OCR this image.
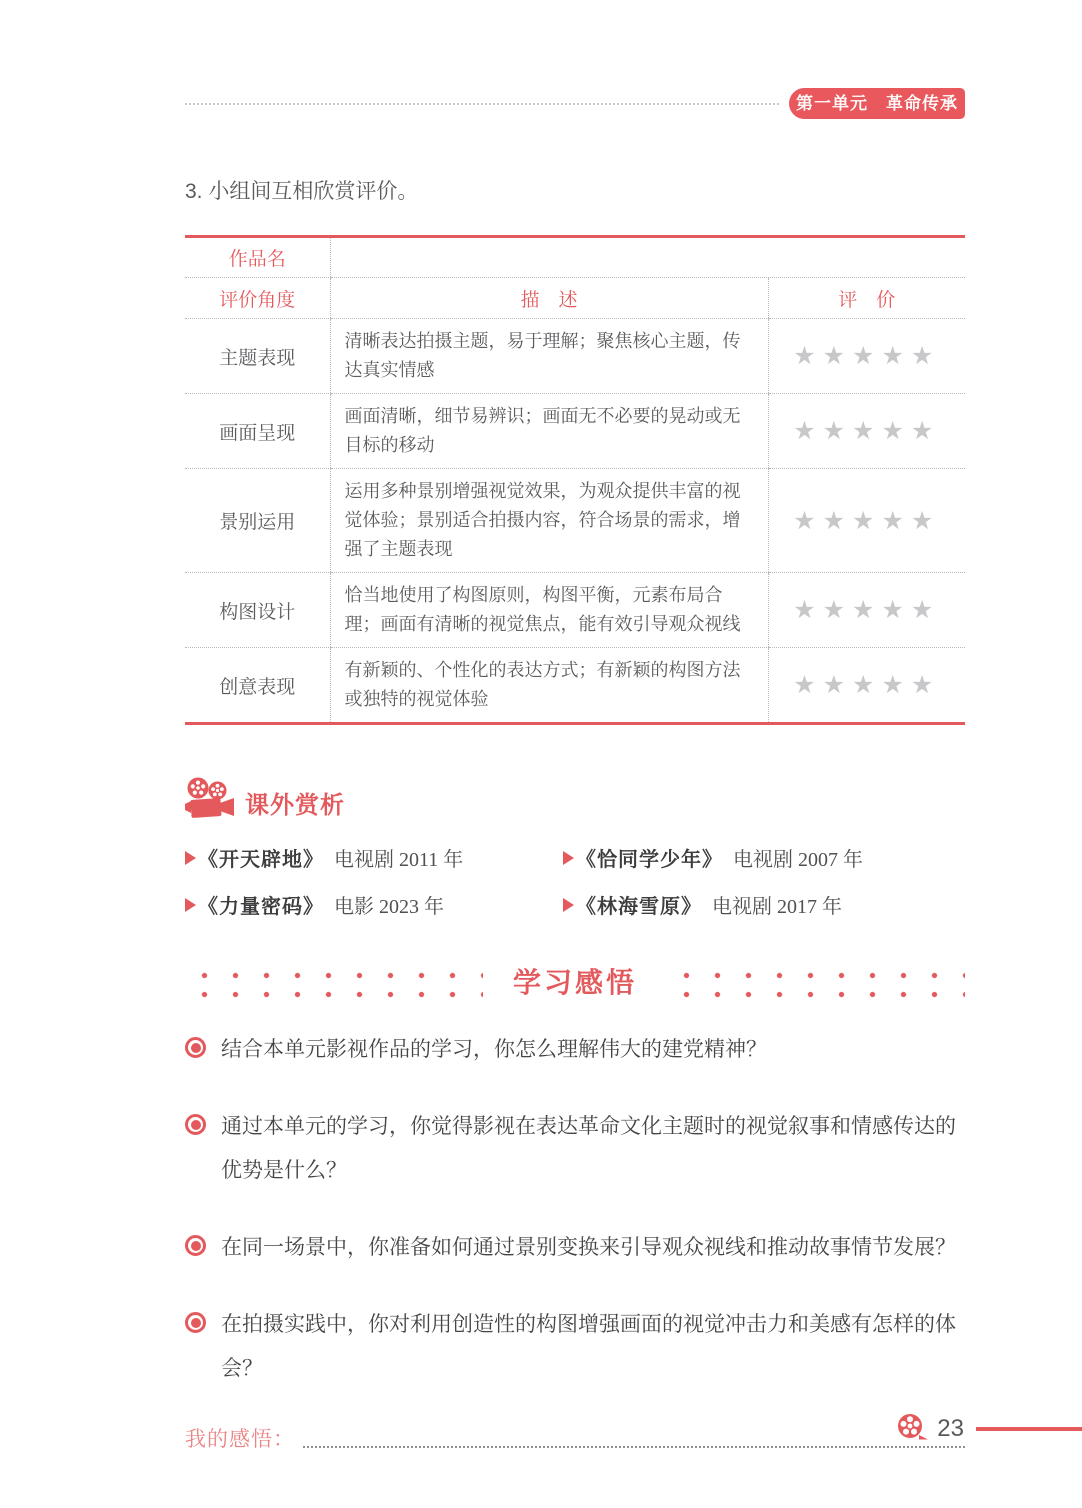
第一单元　革命传承
3. 小组间互相欣赏评价。
作品名		
评价角度	描　述	评　价
主题表现	清晰表达拍摄主题，易于理解；聚焦核心主题，传达真实情感	★★★★★
画面呈现	画面清晰，细节易辨识；画面无不必要的晃动或无目标的移动	★★★★★
景别运用	运用多种景别增强视觉效果，为观众提供丰富的视觉体验；景别适合拍摄内容，符合场景的需求，增强了主题表现	★★★★★
构图设计	恰当地使用了构图原则，构图平衡，元素布局合理；画面有清晰的视觉焦点，能有效引导观众视线	★★★★★
创意表现	有新颖的、个性化的表达方式；有新颖的构图方法或独特的视觉体验	★★★★★
课外赏析
《开天辟地》 电视剧 2011 年	《恰同学少年》 电视剧 2007 年
《力量密码》 电影 2023 年	《林海雪原》 电视剧 2017 年
学习感悟
结合本单元影视作品的学习，你怎么理解伟大的建党精神？
通过本单元的学习，你觉得影视在表达革命文化主题时的视觉叙事和情感传达的优势是什么？
在同一场景中，你准备如何通过景别变换来引导观众视线和推动故事情节发展？
在拍摄实践中，你对利用创造性的构图增强画面的视觉冲击力和美感有怎样的体会？
我的感悟：	23
